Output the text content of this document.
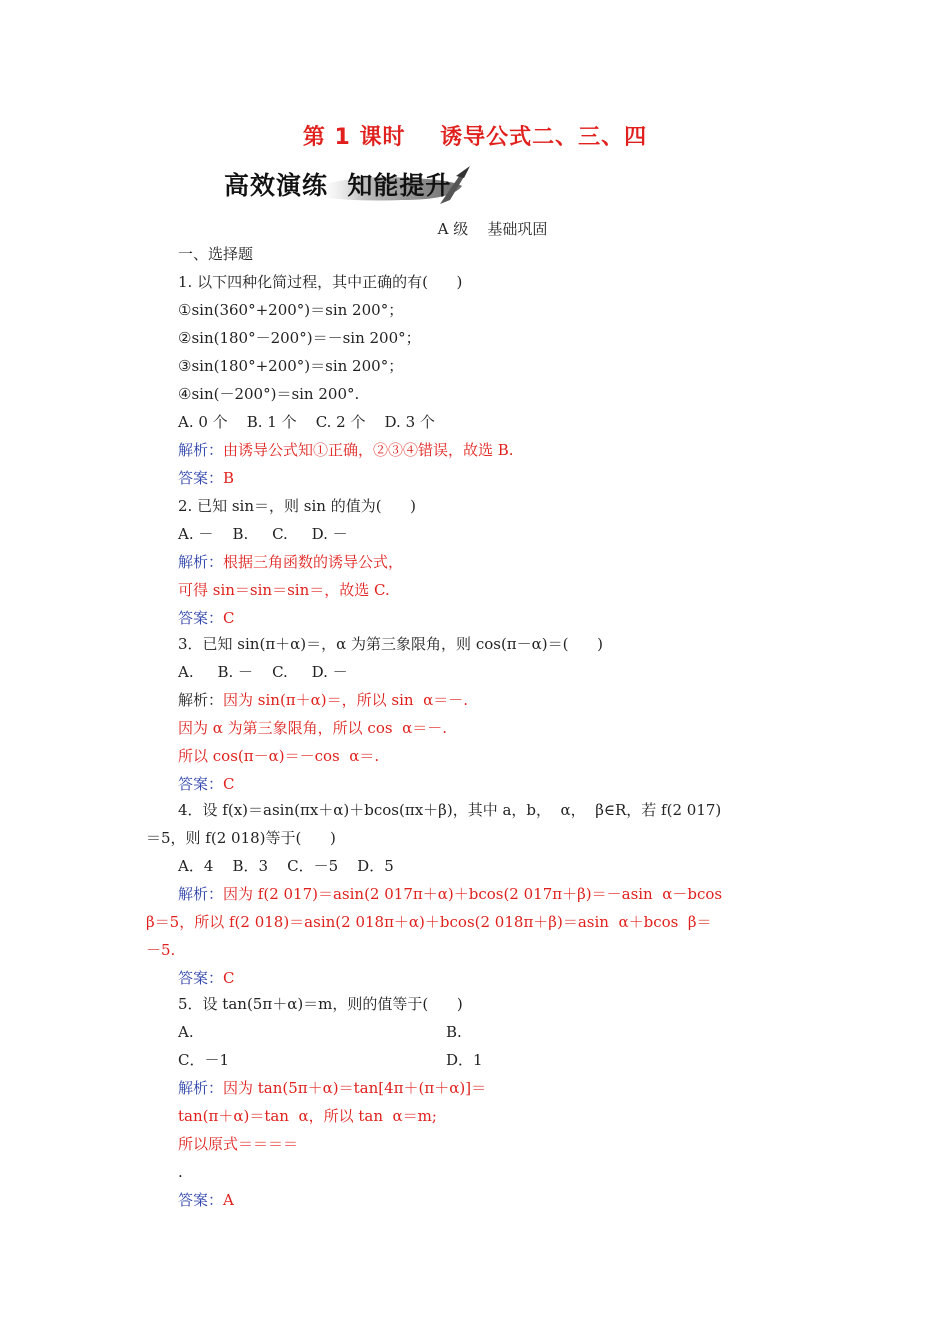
第 1 课时    诱导公式二、三、四
高效演练  知能提升
A 级    基础巩固
一、选择题
1. 以下四种化简过程，其中正确的有(      )
①sin(360°+200°)＝sin 200°；
②sin(180°－200°)＝－sin 200°；
③sin(180°+200°)＝sin 200°；
④sin(－200°)＝sin 200°.
A. 0 个    B. 1 个    C. 2 个    D. 3 个
解析：由诱导公式知①正确，②③④错误，故选 B.
答案：B
2. 已知 sin＝，则 sin 的值为(      )
A. －    B.     C.     D. －
解析：根据三角函数的诱导公式，
可得 sin＝sin＝sin＝，故选 C.
答案：C
3．已知 sin(π＋α)＝，α 为第三象限角，则 cos(π－α)＝(      )
A.     B. －    C.     D. －
解析：因为 sin(π＋α)＝，所以 sin  α＝－.
因为 α 为第三象限角，所以 cos  α＝－.
所以 cos(π－α)＝－cos  α＝.
答案：C
4．设 f(x)＝asin(πx＋α)＋bcos(πx＋β)，其中 a，b，  α，  β∈R，若 f(2 017)
＝5，则 f(2 018)等于(      )
A．4    B．3    C．－5    D．5
解析：因为 f(2 017)＝asin(2 017π＋α)＋bcos(2 017π＋β)＝－asin  α－bcos
β＝5，所以 f(2 018)＝asin(2 018π＋α)＋bcos(2 018π＋β)＝asin  α＋bcos  β＝
－5.
答案：C
5．设 tan(5π＋α)＝m，则的值等于(      )
A.	B.
C．－1	D．1
解析：因为 tan(5π＋α)＝tan[4π＋(π＋α)]＝
tan(π＋α)＝tan  α，所以 tan  α＝m;
所以原式＝＝＝＝
.
答案：A
